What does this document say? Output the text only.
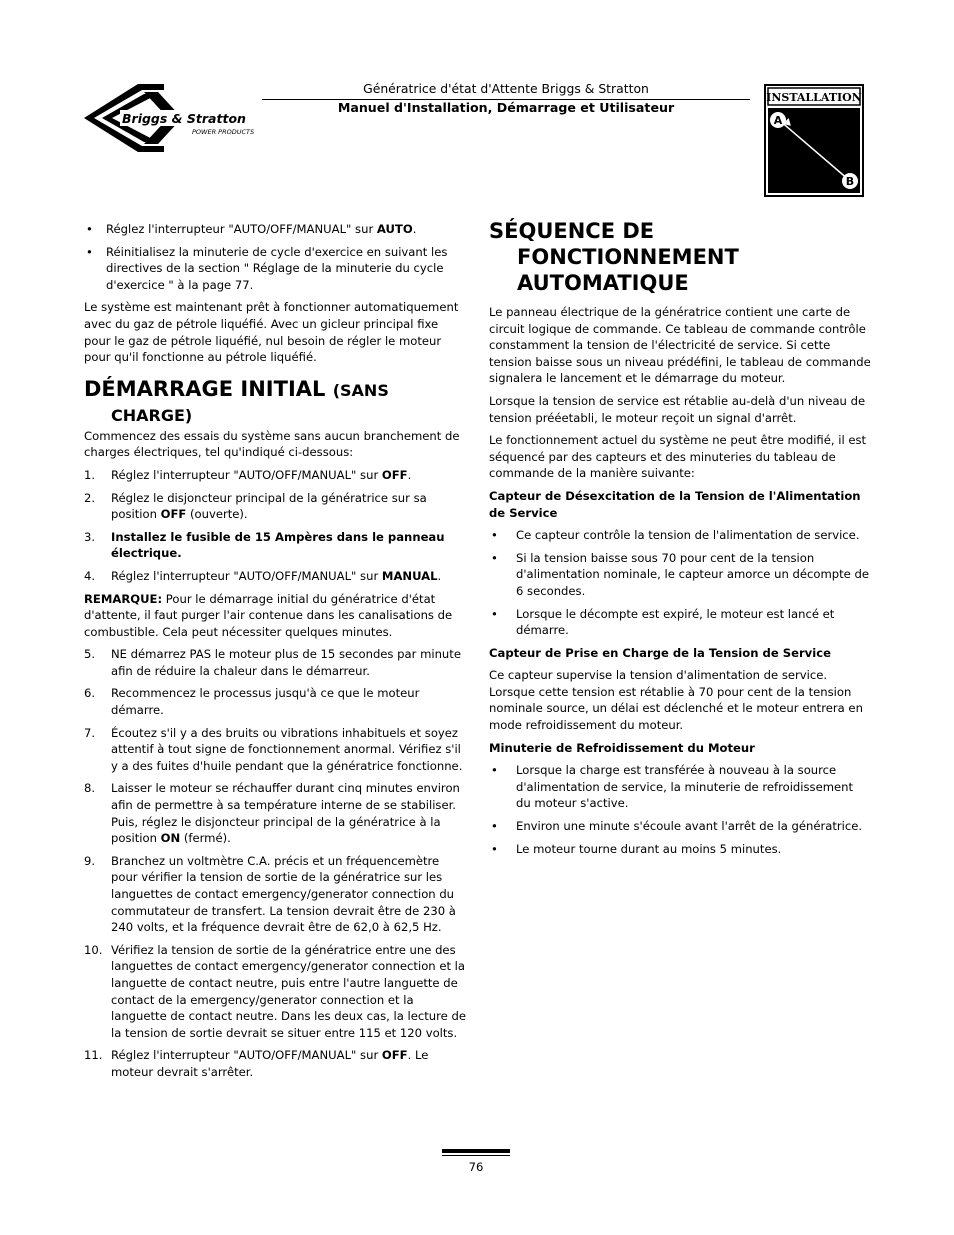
Briggs & Stratton
POWER PRODUCTS
Génératrice d'état d'Attente Briggs & Stratton
Manuel d'Installation, Démarrage et Utilisateur
INSTALLATION
A
B
• Réglez l'interrupteur "AUTO/OFF/MANUAL" sur AUTO.
• Réinitialisez la minuterie de cycle d'exercice en suivant les directives de la section " Réglage de la minuterie du cycle d'exercice " à la page 77.

Le système est maintenant prêt à fonctionner automatiquement avec du gaz de pétrole liquéfié. Avec un gicleur principal fixe pour le gaz de pétrole liquéfié, nul besoin de régler le moteur pour qu'il fonctionne au pétrole liquéfié.

DÉMARRAGE INITIAL (SANS
CHARGE)

Commencez des essais du système sans aucun branchement de charges électriques, tel qu'indiqué ci-dessous:

1. Réglez l'interrupteur "AUTO/OFF/MANUAL" sur OFF.
2. Réglez le disjoncteur principal de la génératrice sur sa position OFF (ouverte).
3. Installez le fusible de 15 Ampères dans le panneau électrique.
4. Réglez l'interrupteur "AUTO/OFF/MANUAL" sur MANUAL.

REMARQUE: Pour le démarrage initial du génératrice d'état d'attente, il faut purger l'air contenue dans les canalisations de combustible. Cela peut nécessiter quelques minutes.

5. NE démarrez PAS le moteur plus de 15 secondes par minute afin de réduire la chaleur dans le démarreur.
6. Recommencez le processus jusqu'à ce que le moteur démarre.
7. Écoutez s'il y a des bruits ou vibrations inhabituels et soyez attentif à tout signe de fonctionnement anormal. Vérifiez s'il y a des fuites d'huile pendant que la génératrice fonctionne.
8. Laisser le moteur se réchauffer durant cinq minutes environ afin de permettre à sa température interne de se stabiliser. Puis, réglez le disjoncteur principal de la génératrice à la position ON (fermé).
9. Branchez un voltmètre C.A. précis et un fréquencemètre pour vérifier la tension de sortie de la génératrice sur les languettes de contact emergency/generator connection du commutateur de transfert. La tension devrait être de 230 à 240 volts, et la fréquence devrait être de 62,0 à 62,5 Hz.
10. Vérifiez la tension de sortie de la génératrice entre une des languettes de contact emergency/generator connection et la languette de contact neutre, puis entre l'autre languette de contact de la emergency/generator connection et la languette de contact neutre. Dans les deux cas, la lecture de la tension de sortie devrait se situer entre 115 et 120 volts.
11. Réglez l'interrupteur "AUTO/OFF/MANUAL" sur OFF. Le moteur devrait s'arrêter.
SÉQUENCE DE
FONCTIONNEMENT
AUTOMATIQUE

Le panneau électrique de la génératrice contient une carte de circuit logique de commande. Ce tableau de commande contrôle constamment la tension de l'électricité de service. Si cette tension baisse sous un niveau prédéfini, le tableau de commande signalera le lancement et le démarrage du moteur.

Lorsque la tension de service est rétablie au-delà d'un niveau de tension prééetabli, le moteur reçoit un signal d'arrêt.

Le fonctionnement actuel du système ne peut être modifié, il est séquencé par des capteurs et des minuteries du tableau de commande de la manière suivante:

Capteur de Désexcitation de la Tension de l'Alimentation de Service

• Ce capteur contrôle la tension de l'alimentation de service.
• Si la tension baisse sous 70 pour cent de la tension d'alimentation nominale, le capteur amorce un décompte de 6 secondes.
• Lorsque le décompte est expiré, le moteur est lancé et démarre.

Capteur de Prise en Charge de la Tension de Service

Ce capteur supervise la tension d'alimentation de service. Lorsque cette tension est rétablie à 70 pour cent de la tension nominale source, un délai est déclenché et le moteur entrera en mode refroidissement du moteur.

Minuterie de Refroidissement du Moteur

• Lorsque la charge est transférée à nouveau à la source d'alimentation de service, la minuterie de refroidissement du moteur s'active.
• Environ une minute s'écoule avant l'arrêt de la génératrice.
• Le moteur tourne durant au moins 5 minutes.
76
